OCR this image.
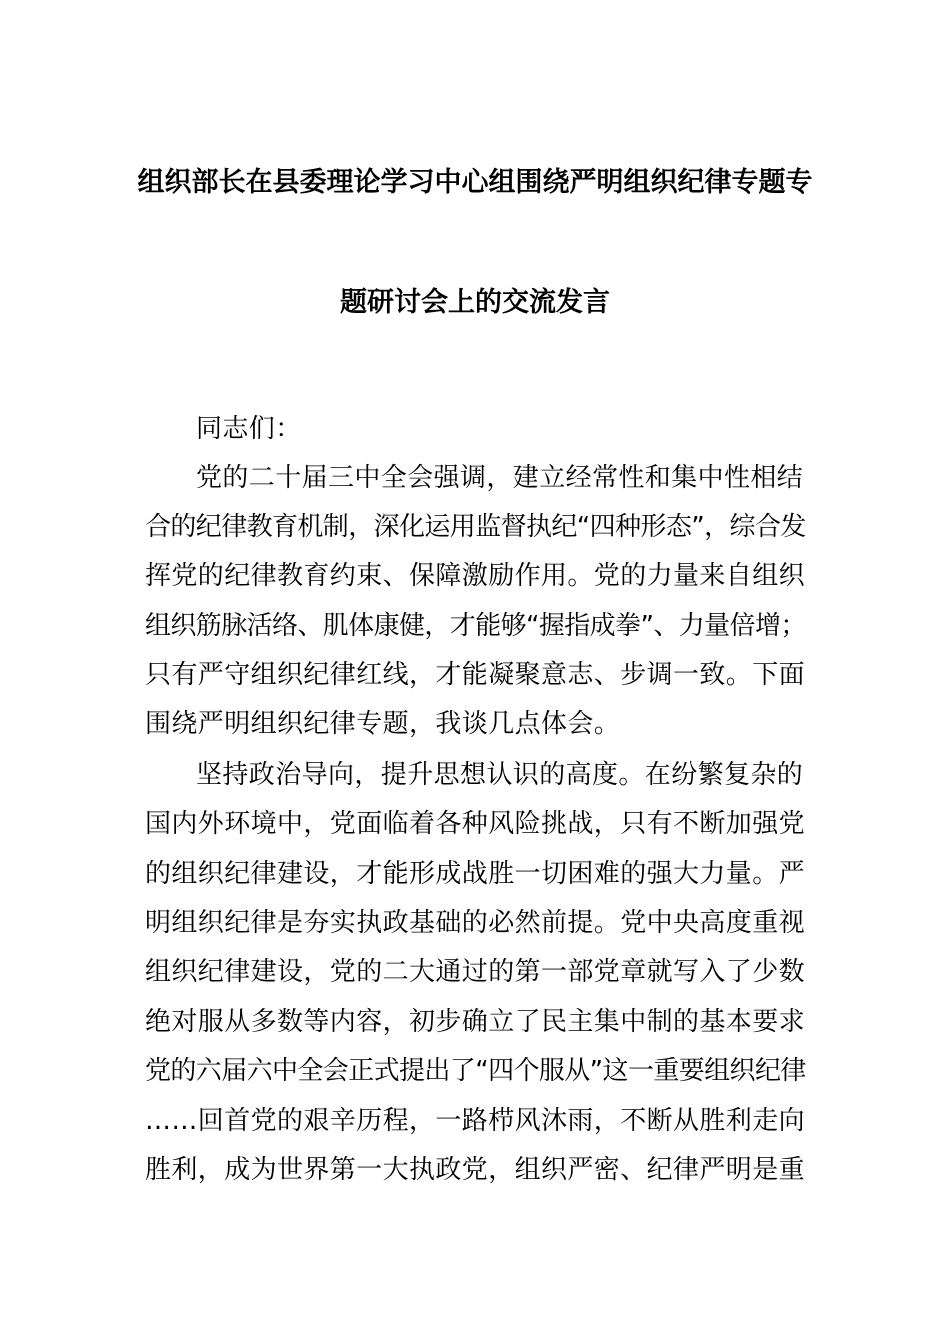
组织部长在县委理论学习中心组围绕严明组织纪律专题专
题研讨会上的交流发言
同志们：
党的二十届三中全会强调，建立经常性和集中性相结
合的纪律教育机制，深化运用监督执纪“四种形态”，综合发
挥党的纪律教育约束、保障激励作用。党的力量来自组织
组织筋脉活络、肌体康健，才能够“握指成拳”、力量倍增；
只有严守组织纪律红线，才能凝聚意志、步调一致。下面
围绕严明组织纪律专题，我谈几点体会。
坚持政治导向，提升思想认识的高度。在纷繁复杂的
国内外环境中，党面临着各种风险挑战，只有不断加强党
的组织纪律建设，才能形成战胜一切困难的强大力量。严
明组织纪律是夯实执政基础的必然前提。党中央高度重视
组织纪律建设，党的二大通过的第一部党章就写入了少数
绝对服从多数等内容，初步确立了民主集中制的基本要求
党的六届六中全会正式提出了“四个服从”这一重要组织纪律
……回首党的艰辛历程，一路栉风沐雨，不断从胜利走向
胜利，成为世界第一大执政党，组织严密、纪律严明是重
